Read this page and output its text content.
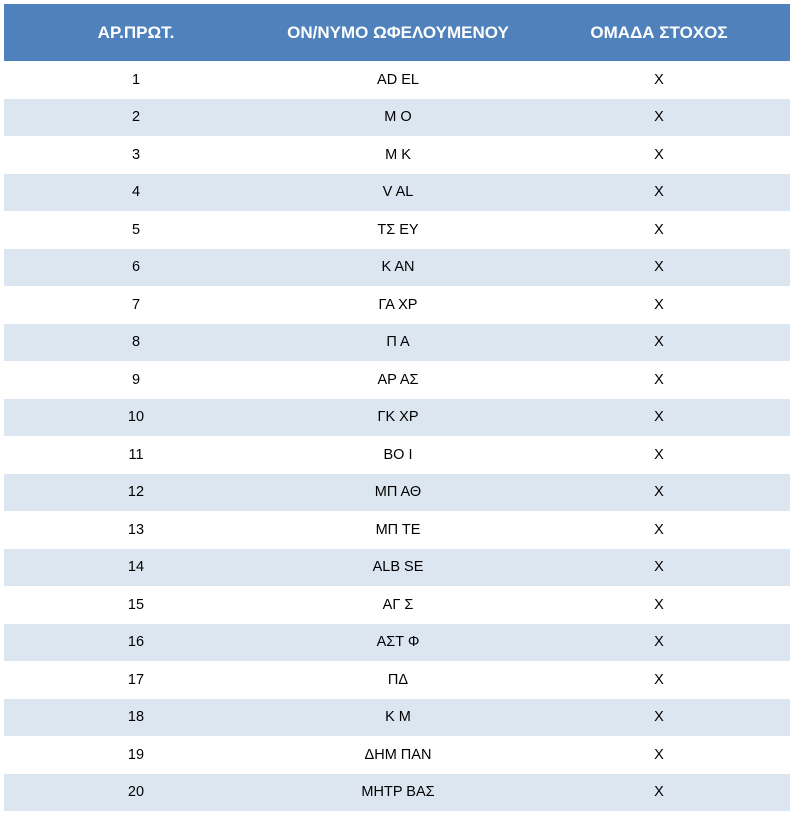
ΑΡ.ΠΡΩΤ.	ΟΝ/ΝΥΜΟ ΩΦΕΛΟΥΜΕΝΟΥ	ΟΜΑΔΑ ΣΤΟΧΟΣ
1	AD EL	X
2	Μ Ο	Χ
3	Μ Κ	Χ
4	V AL	Χ
5	ΤΣ ΕΥ	Χ
6	Κ ΑΝ	Χ
7	ΓΑ ΧΡ	Χ
8	Π Α	Χ
9	ΑΡ ΑΣ	Χ
10	ΓΚ ΧΡ	Χ
11	ΒΟ Ι	Χ
12	ΜΠ ΑΘ	Χ
13	ΜΠ ΤΕ	Χ
14	ALB SE	Χ
15	ΑΓ Σ	Χ
16	ΑΣΤ Φ	Χ
17	ΠΔ	Χ
18	Κ Μ	Χ
19	ΔΗΜ ΠΑΝ	Χ
20	ΜΗΤΡ ΒΑΣ	Χ
